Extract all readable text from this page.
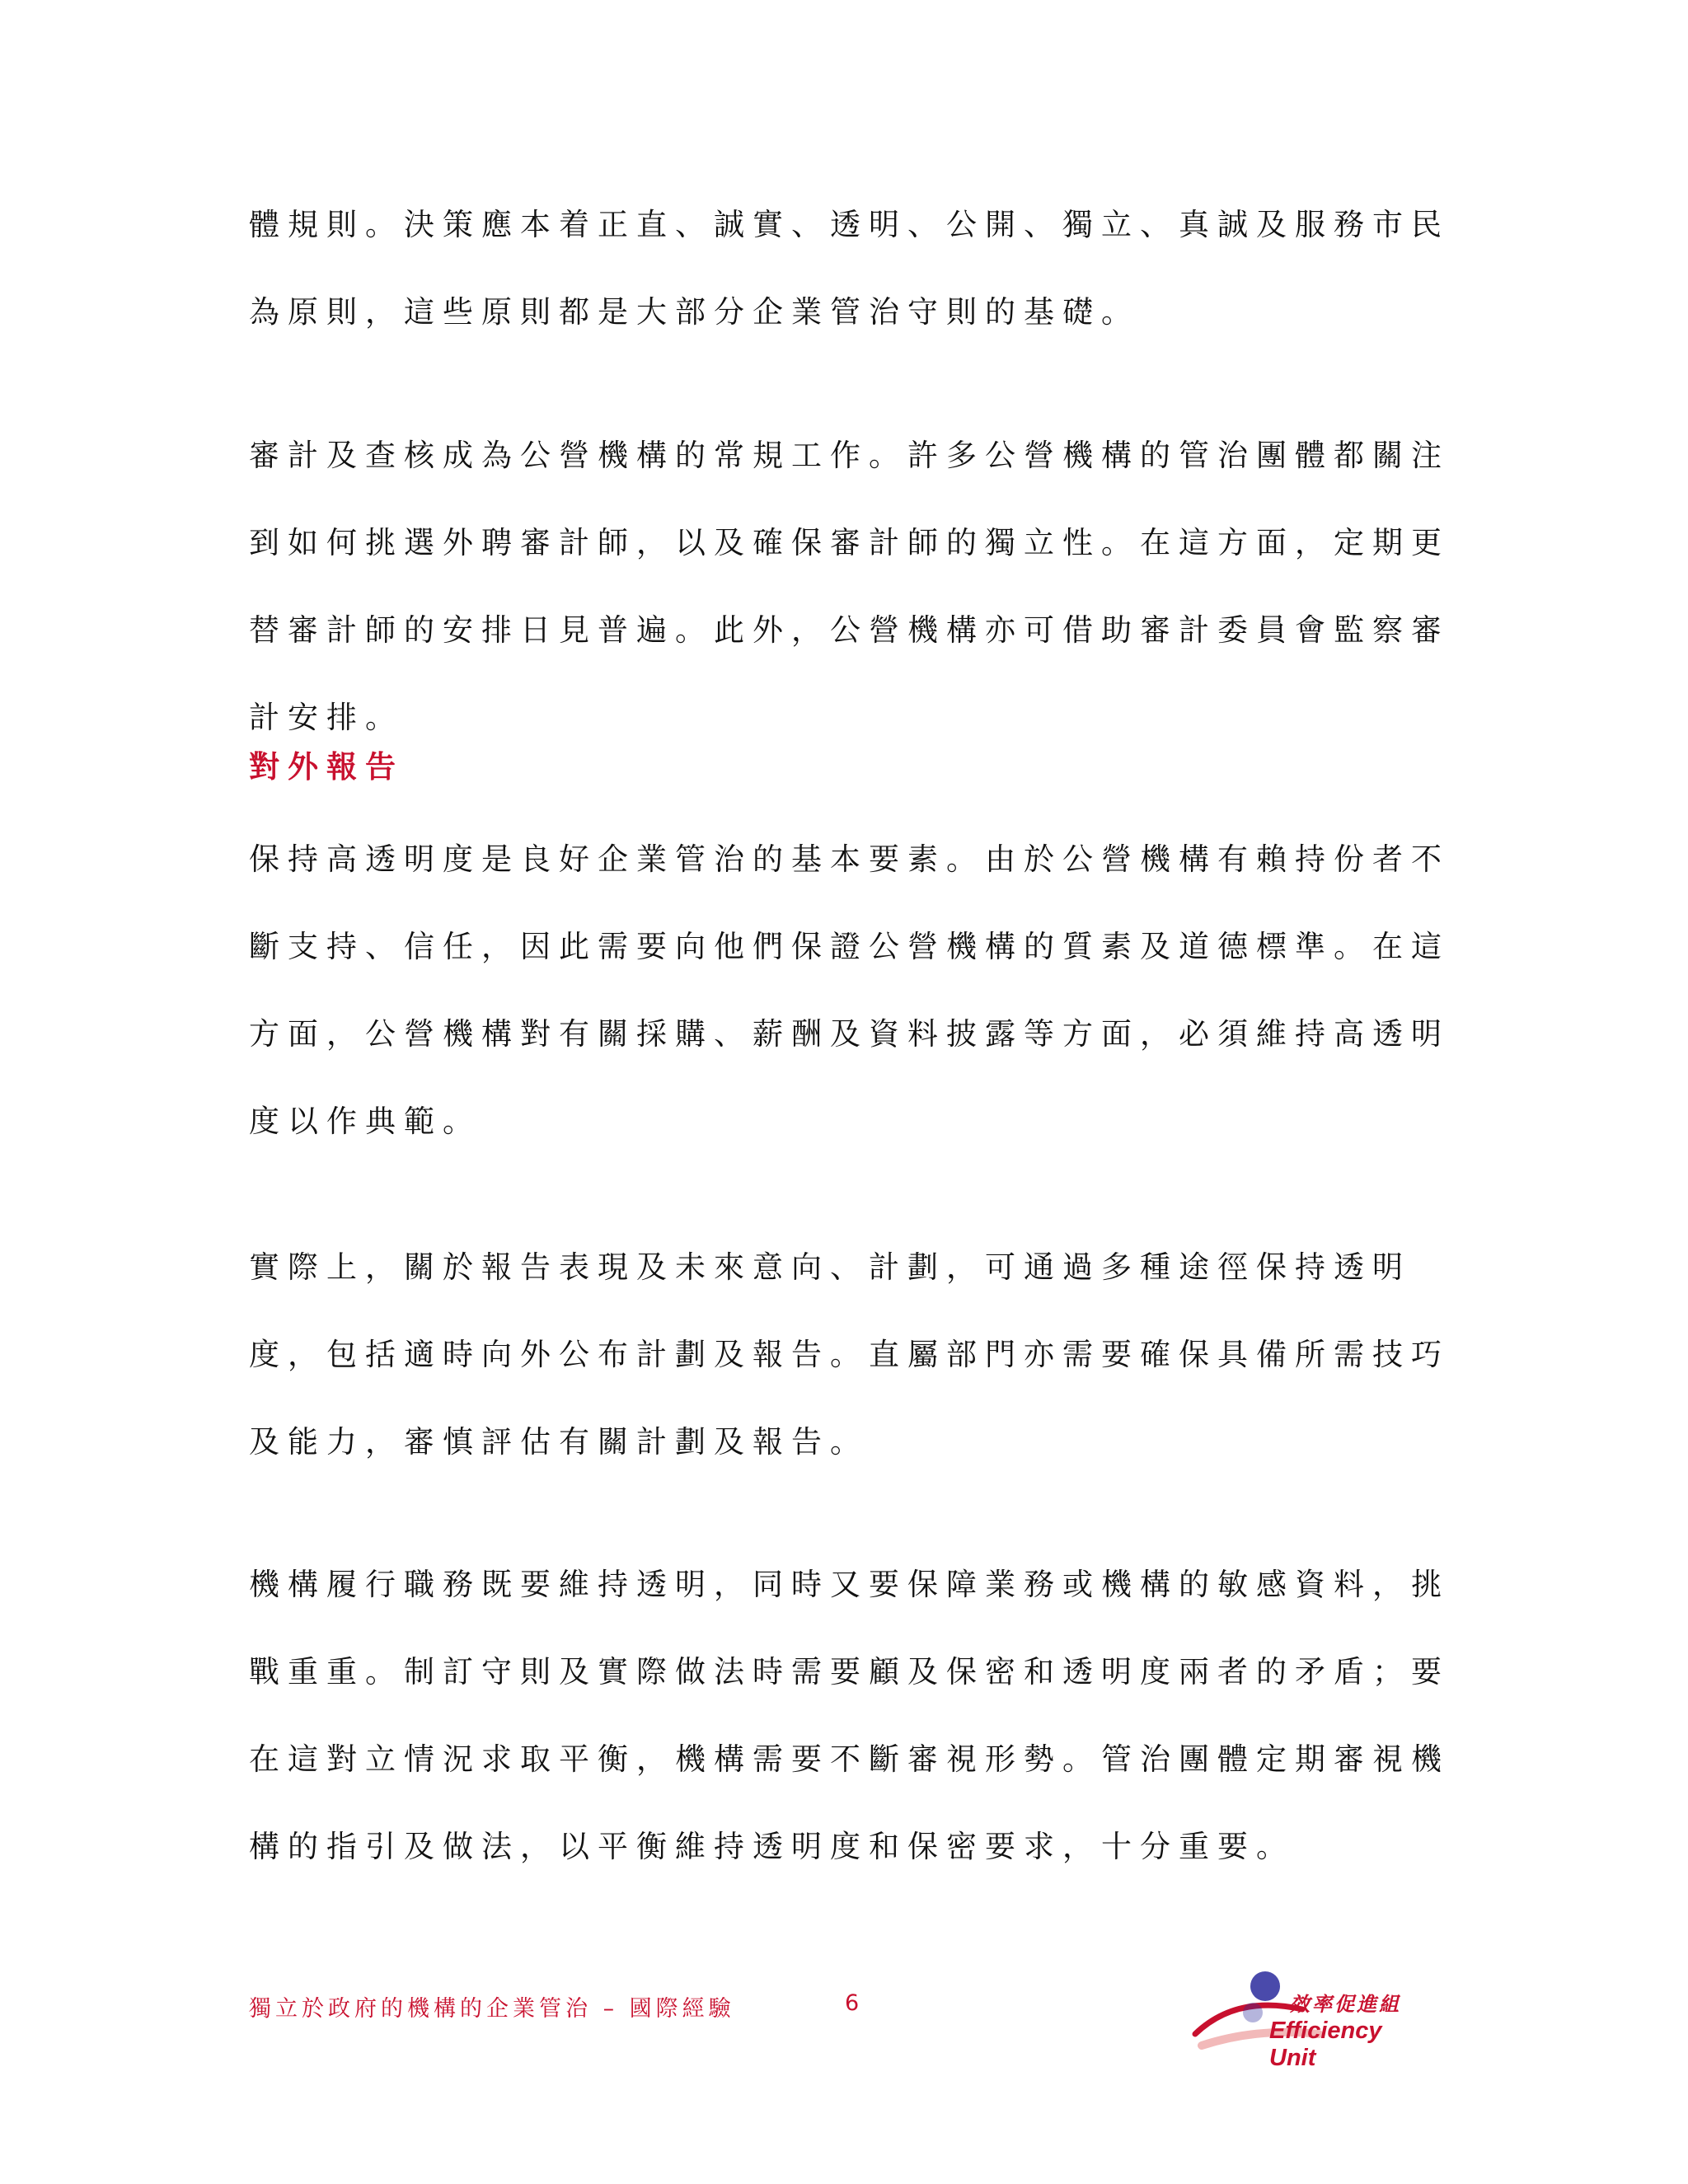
體規則。決策應本着正直、誠實、透明、公開、獨立、真誠及服務市民為原則，這些原則都是大部分企業管治守則的基礎。

審計及查核成為公營機構的常規工作。許多公營機構的管治團體都關注到如何挑選外聘審計師，以及確保審計師的獨立性。在這方面，定期更替審計師的安排日見普遍。此外，公營機構亦可借助審計委員會監察審計安排。

對外報告

保持高透明度是良好企業管治的基本要素。由於公營機構有賴持份者不斷支持、信任，因此需要向他們保證公營機構的質素及道德標準。在這方面，公營機構對有關採購、薪酬及資料披露等方面，必須維持高透明度以作典範。

實際上，關於報告表現及未來意向、計劃，可通過多種途徑保持透明度，包括適時向外公布計劃及報告。直屬部門亦需要確保具備所需技巧及能力，審慎評估有關計劃及報告。

機構履行職務既要維持透明，同時又要保障業務或機構的敏感資料，挑戰重重。制訂守則及實際做法時需要顧及保密和透明度兩者的矛盾；要在這對立情況求取平衡，機構需要不斷審視形勢。管治團體定期審視機構的指引及做法，以平衡維持透明度和保密要求，十分重要。

獨立於政府的機構的企業管治 – 國際經驗	6	效率促進組
Efficiency Unit
